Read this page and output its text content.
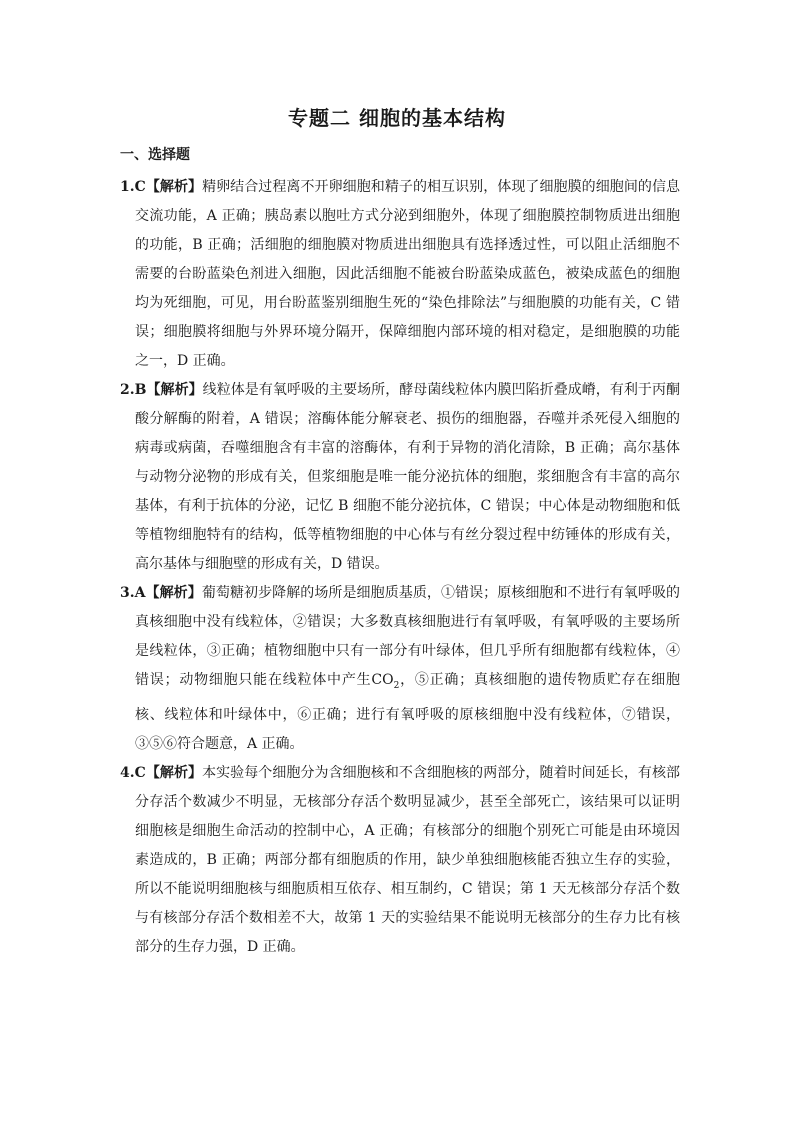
专题二 细胞的基本结构
一、选择题

1.C【解析】精卵结合过程离不开卵细胞和精子的相互识别，体现了细胞膜的细胞间的信息交流功能，A 正确；胰岛素以胞吐方式分泌到细胞外，体现了细胞膜控制物质进出细胞的功能，B 正确；活细胞的细胞膜对物质进出细胞具有选择透过性，可以阻止活细胞不需要的台盼蓝染色剂进入细胞，因此活细胞不能被台盼蓝染成蓝色，被染成蓝色的细胞均为死细胞，可见，用台盼蓝鉴别细胞生死的“染色排除法”与细胞膜的功能有关，C 错误；细胞膜将细胞与外界环境分隔开，保障细胞内部环境的相对稳定，是细胞膜的功能之一，D 正确。

2.B【解析】线粒体是有氧呼吸的主要场所，酵母菌线粒体内膜凹陷折叠成嵴，有利于丙酮酸分解酶的附着，A 错误；溶酶体能分解衰老、损伤的细胞器，吞噬并杀死侵入细胞的病毒或病菌，吞噬细胞含有丰富的溶酶体，有利于异物的消化清除，B 正确；高尔基体与动物分泌物的形成有关，但浆细胞是唯一能分泌抗体的细胞，浆细胞含有丰富的高尔基体，有利于抗体的分泌，记忆 B 细胞不能分泌抗体，C 错误；中心体是动物细胞和低等植物细胞特有的结构，低等植物细胞的中心体与有丝分裂过程中纺锤体的形成有关，高尔基体与细胞壁的形成有关，D 错误。

3.A【解析】葡萄糖初步降解的场所是细胞质基质，①错误；原核细胞和不进行有氧呼吸的真核细胞中没有线粒体，②错误；大多数真核细胞进行有氧呼吸，有氧呼吸的主要场所是线粒体，③正确；植物细胞中只有一部分有叶绿体，但几乎所有细胞都有线粒体，④错误；动物细胞只能在线粒体中产生$CO_2$，⑤正确；真核细胞的遗传物质贮存在细胞核、线粒体和叶绿体中，⑥正确；进行有氧呼吸的原核细胞中没有线粒体，⑦错误，③⑤⑥符合题意，A 正确。

4.C【解析】本实验每个细胞分为含细胞核和不含细胞核的两部分，随着时间延长，有核部分存活个数减少不明显，无核部分存活个数明显减少，甚至全部死亡，该结果可以证明细胞核是细胞生命活动的控制中心，A 正确；有核部分的细胞个别死亡可能是由环境因素造成的，B 正确；两部分都有细胞质的作用，缺少单独细胞核能否独立生存的实验，所以不能说明细胞核与细胞质相互依存、相互制约，C 错误；第 1 天无核部分存活个数与有核部分存活个数相差不大，故第 1 天的实验结果不能说明无核部分的生存力比有核部分的生存力强，D 正确。
